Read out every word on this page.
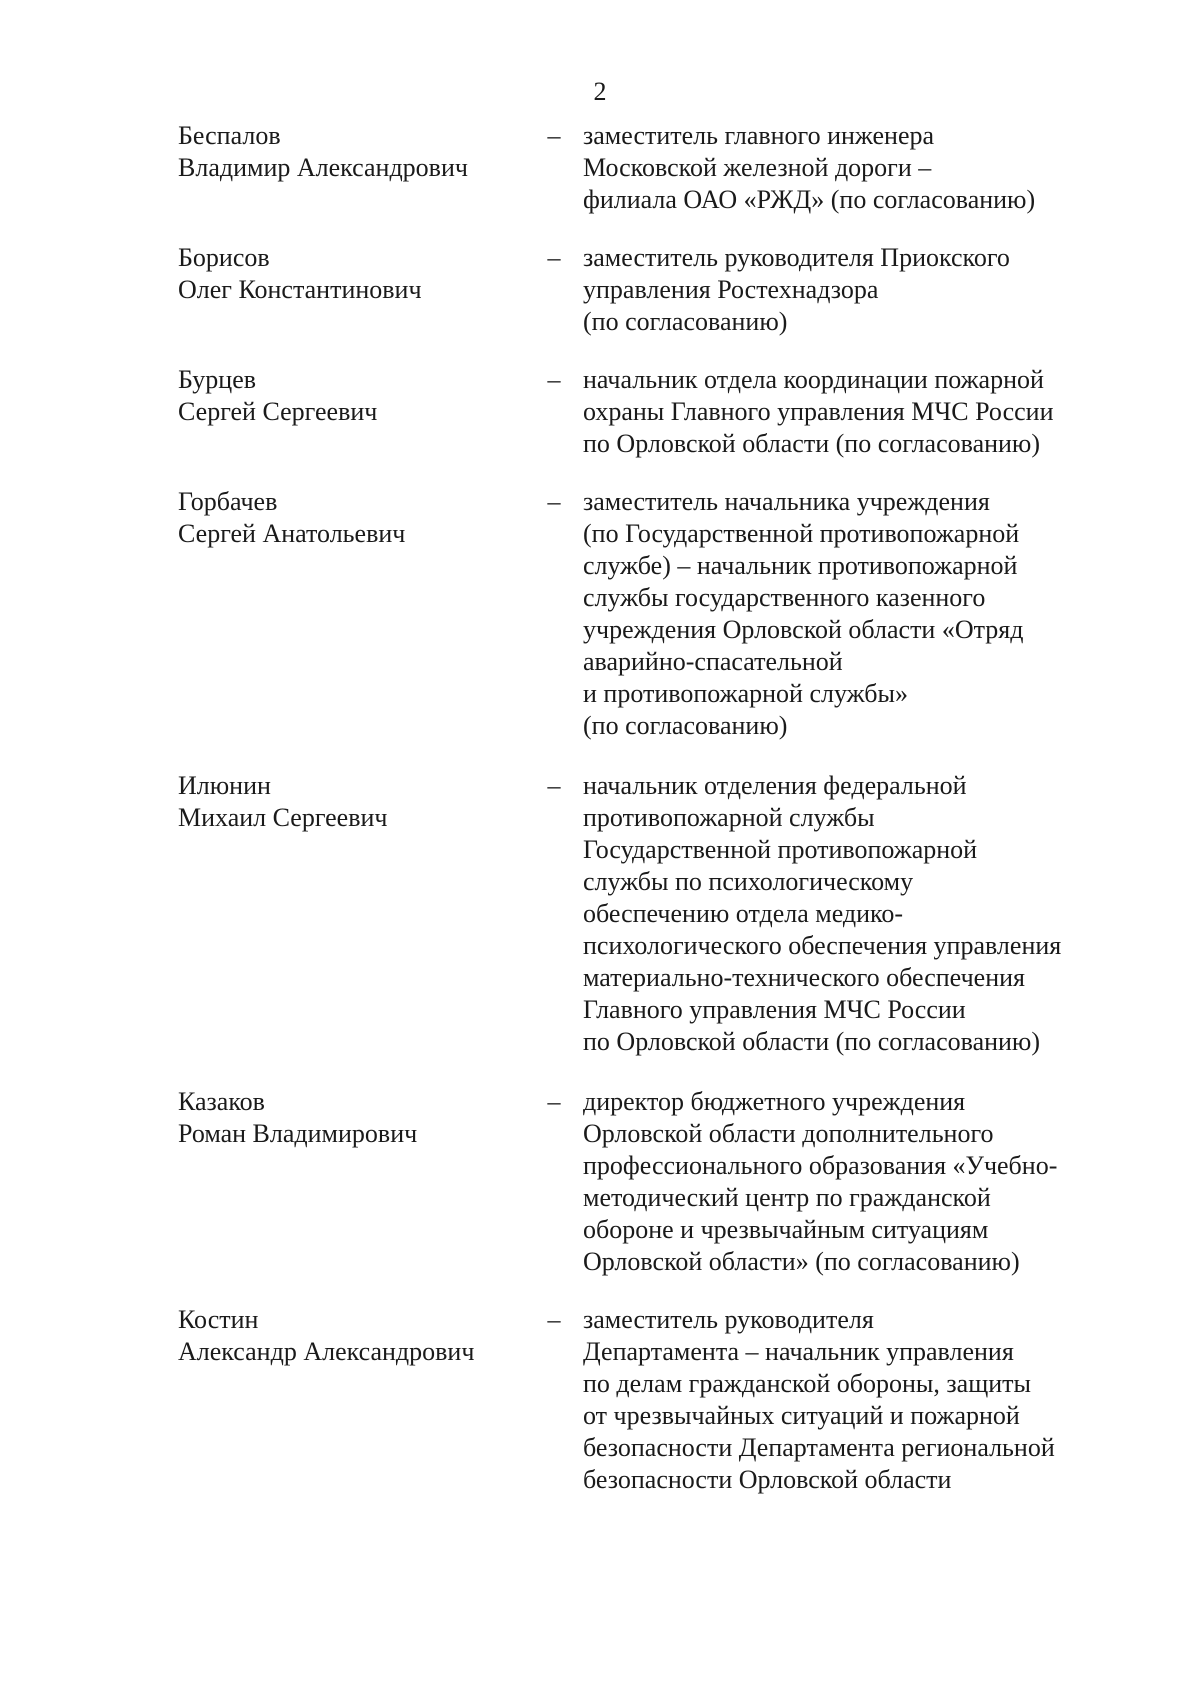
2
Беспалов
Владимир Александрович
– заместитель главного инженера
Московской железной дороги –
филиала ОАО «РЖД» (по согласованию)
Борисов
Олег Константинович
– заместитель руководителя Приокского
управления Ростехнадзора
(по согласованию)
Бурцев
Сергей Сергеевич
– начальник отдела координации пожарной
охраны Главного управления МЧС России
по Орловской области (по согласованию)
Горбачев
Сергей Анатольевич
– заместитель начальника учреждения
(по Государственной противопожарной
службе) – начальник противопожарной
службы государственного казенного
учреждения Орловской области «Отряд
аварийно-спасательной
и противопожарной службы»
(по согласованию)
Илюнин
Михаил Сергеевич
– начальник отделения федеральной
противопожарной службы
Государственной противопожарной
службы по психологическому
обеспечению отдела медико-
психологического обеспечения управления
материально-технического обеспечения
Главного управления МЧС России
по Орловской области (по согласованию)
Казаков
Роман Владимирович
– директор бюджетного учреждения
Орловской области дополнительного
профессионального образования «Учебно-
методический центр по гражданской
обороне и чрезвычайным ситуациям
Орловской области» (по согласованию)
Костин
Александр Александрович
– заместитель руководителя
Департамента – начальник управления
по делам гражданской обороны, защиты
от чрезвычайных ситуаций и пожарной
безопасности Департамента региональной
безопасности Орловской области
